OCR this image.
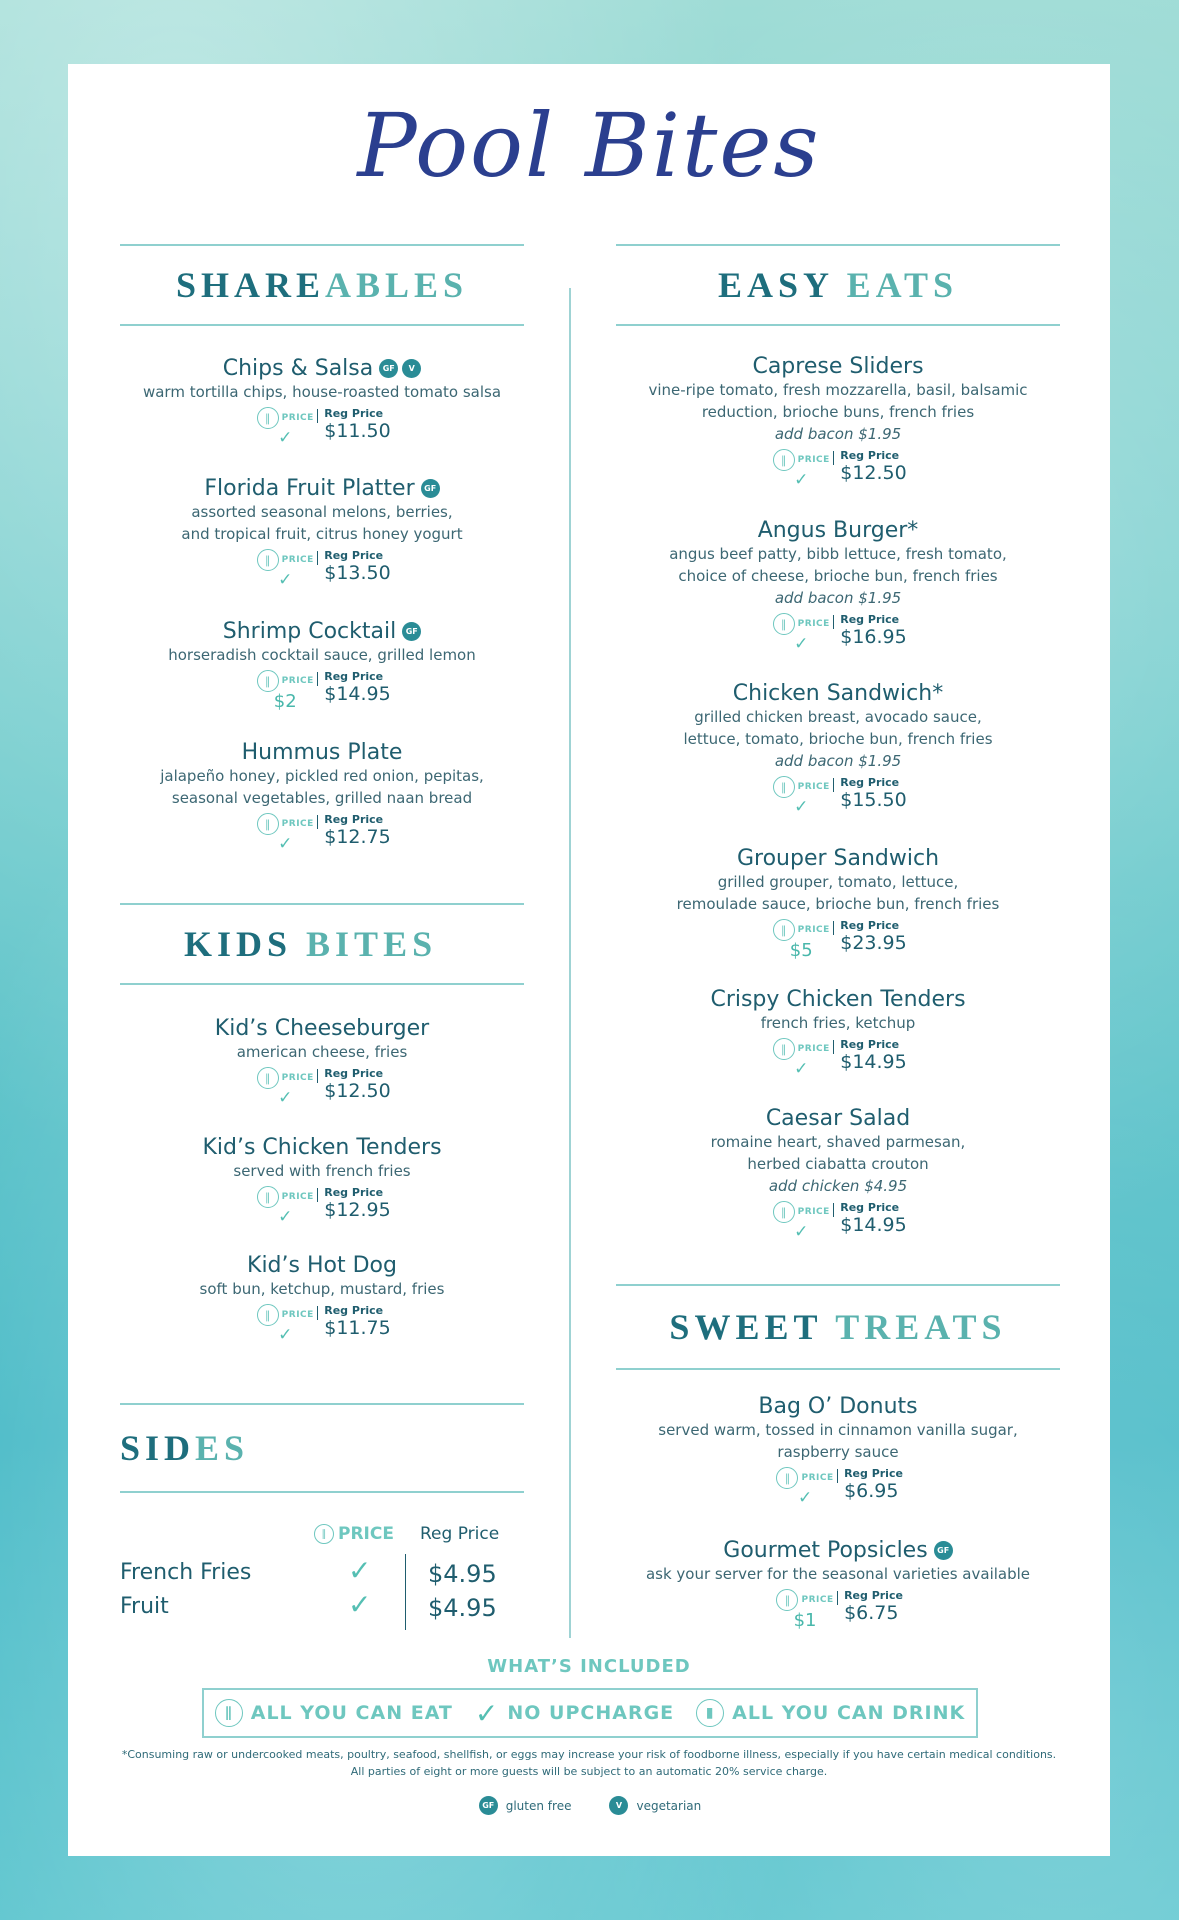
Pool Bites
SHAREABLES	EASY EATS
Chips & Salsa	GF	V
warm tortilla chips, house-roasted tomato salsa
∥	PRICE
✓
Reg Price
$11.50
Florida Fruit Platter	GF
assorted seasonal melons, berries,
and tropical fruit, citrus honey yogurt
∥	PRICE
✓
Reg Price
$13.50
Shrimp Cocktail	GF
horseradish cocktail sauce, grilled lemon
∥	PRICE
$2
Reg Price
$14.95
Hummus Plate
jalapeño honey, pickled red onion, pepitas,
seasonal vegetables, grilled naan bread
∥	PRICE
✓
Reg Price
$12.75
KIDS BITES
Kid’s Cheeseburger
american cheese, fries
∥	PRICE
✓
Reg Price
$12.50
Kid’s Chicken Tenders
served with french fries
∥	PRICE
✓
Reg Price
$12.95
Kid’s Hot Dog
soft bun, ketchup, mustard, fries
∥	PRICE
✓
Reg Price
$11.75
SIDES
∥ PRICE Reg Price
French Fries	✓ $4.95
Fruit	✓ $4.95
Caprese Sliders
vine-ripe tomato, fresh mozzarella, basil, balsamic
reduction, brioche buns, french fries
add bacon $1.95
∥	PRICE
✓
Reg Price
$12.50
Angus Burger*
angus beef patty, bibb lettuce, fresh tomato,
choice of cheese, brioche bun, french fries
add bacon $1.95
∥	PRICE
✓
Reg Price
$16.95
Chicken Sandwich*
grilled chicken breast, avocado sauce,
lettuce, tomato, brioche bun, french fries
add bacon $1.95
∥	PRICE
✓
Reg Price
$15.50
Grouper Sandwich
grilled grouper, tomato, lettuce,
remoulade sauce, brioche bun, french fries
∥	PRICE
$5
Reg Price
$23.95
Crispy Chicken Tenders
french fries, ketchup
∥	PRICE
✓
Reg Price
$14.95
Caesar Salad
romaine heart, shaved parmesan,
herbed ciabatta crouton
add chicken $4.95
∥	PRICE
✓
Reg Price
$14.95
SWEET TREATS
Bag O’ Donuts
served warm, tossed in cinnamon vanilla sugar,
raspberry sauce
∥	PRICE
✓
Reg Price
$6.95
Gourmet Popsicles	GF
ask your server for the seasonal varieties available
∥	PRICE
$1
Reg Price
$6.75
WHAT’S INCLUDED
∥ ALL YOU CAN EAT ✓ NO UPCHARGE	▮ ALL YOU CAN DRINK
*Consuming raw or undercooked meats, poultry, seafood, shellfish, or eggs may increase your risk of foodborne illness, especially if you have certain medical conditions.
All parties of eight or more guests will be subject to an automatic 20% service charge.
GF gluten free	V	vegetarian
